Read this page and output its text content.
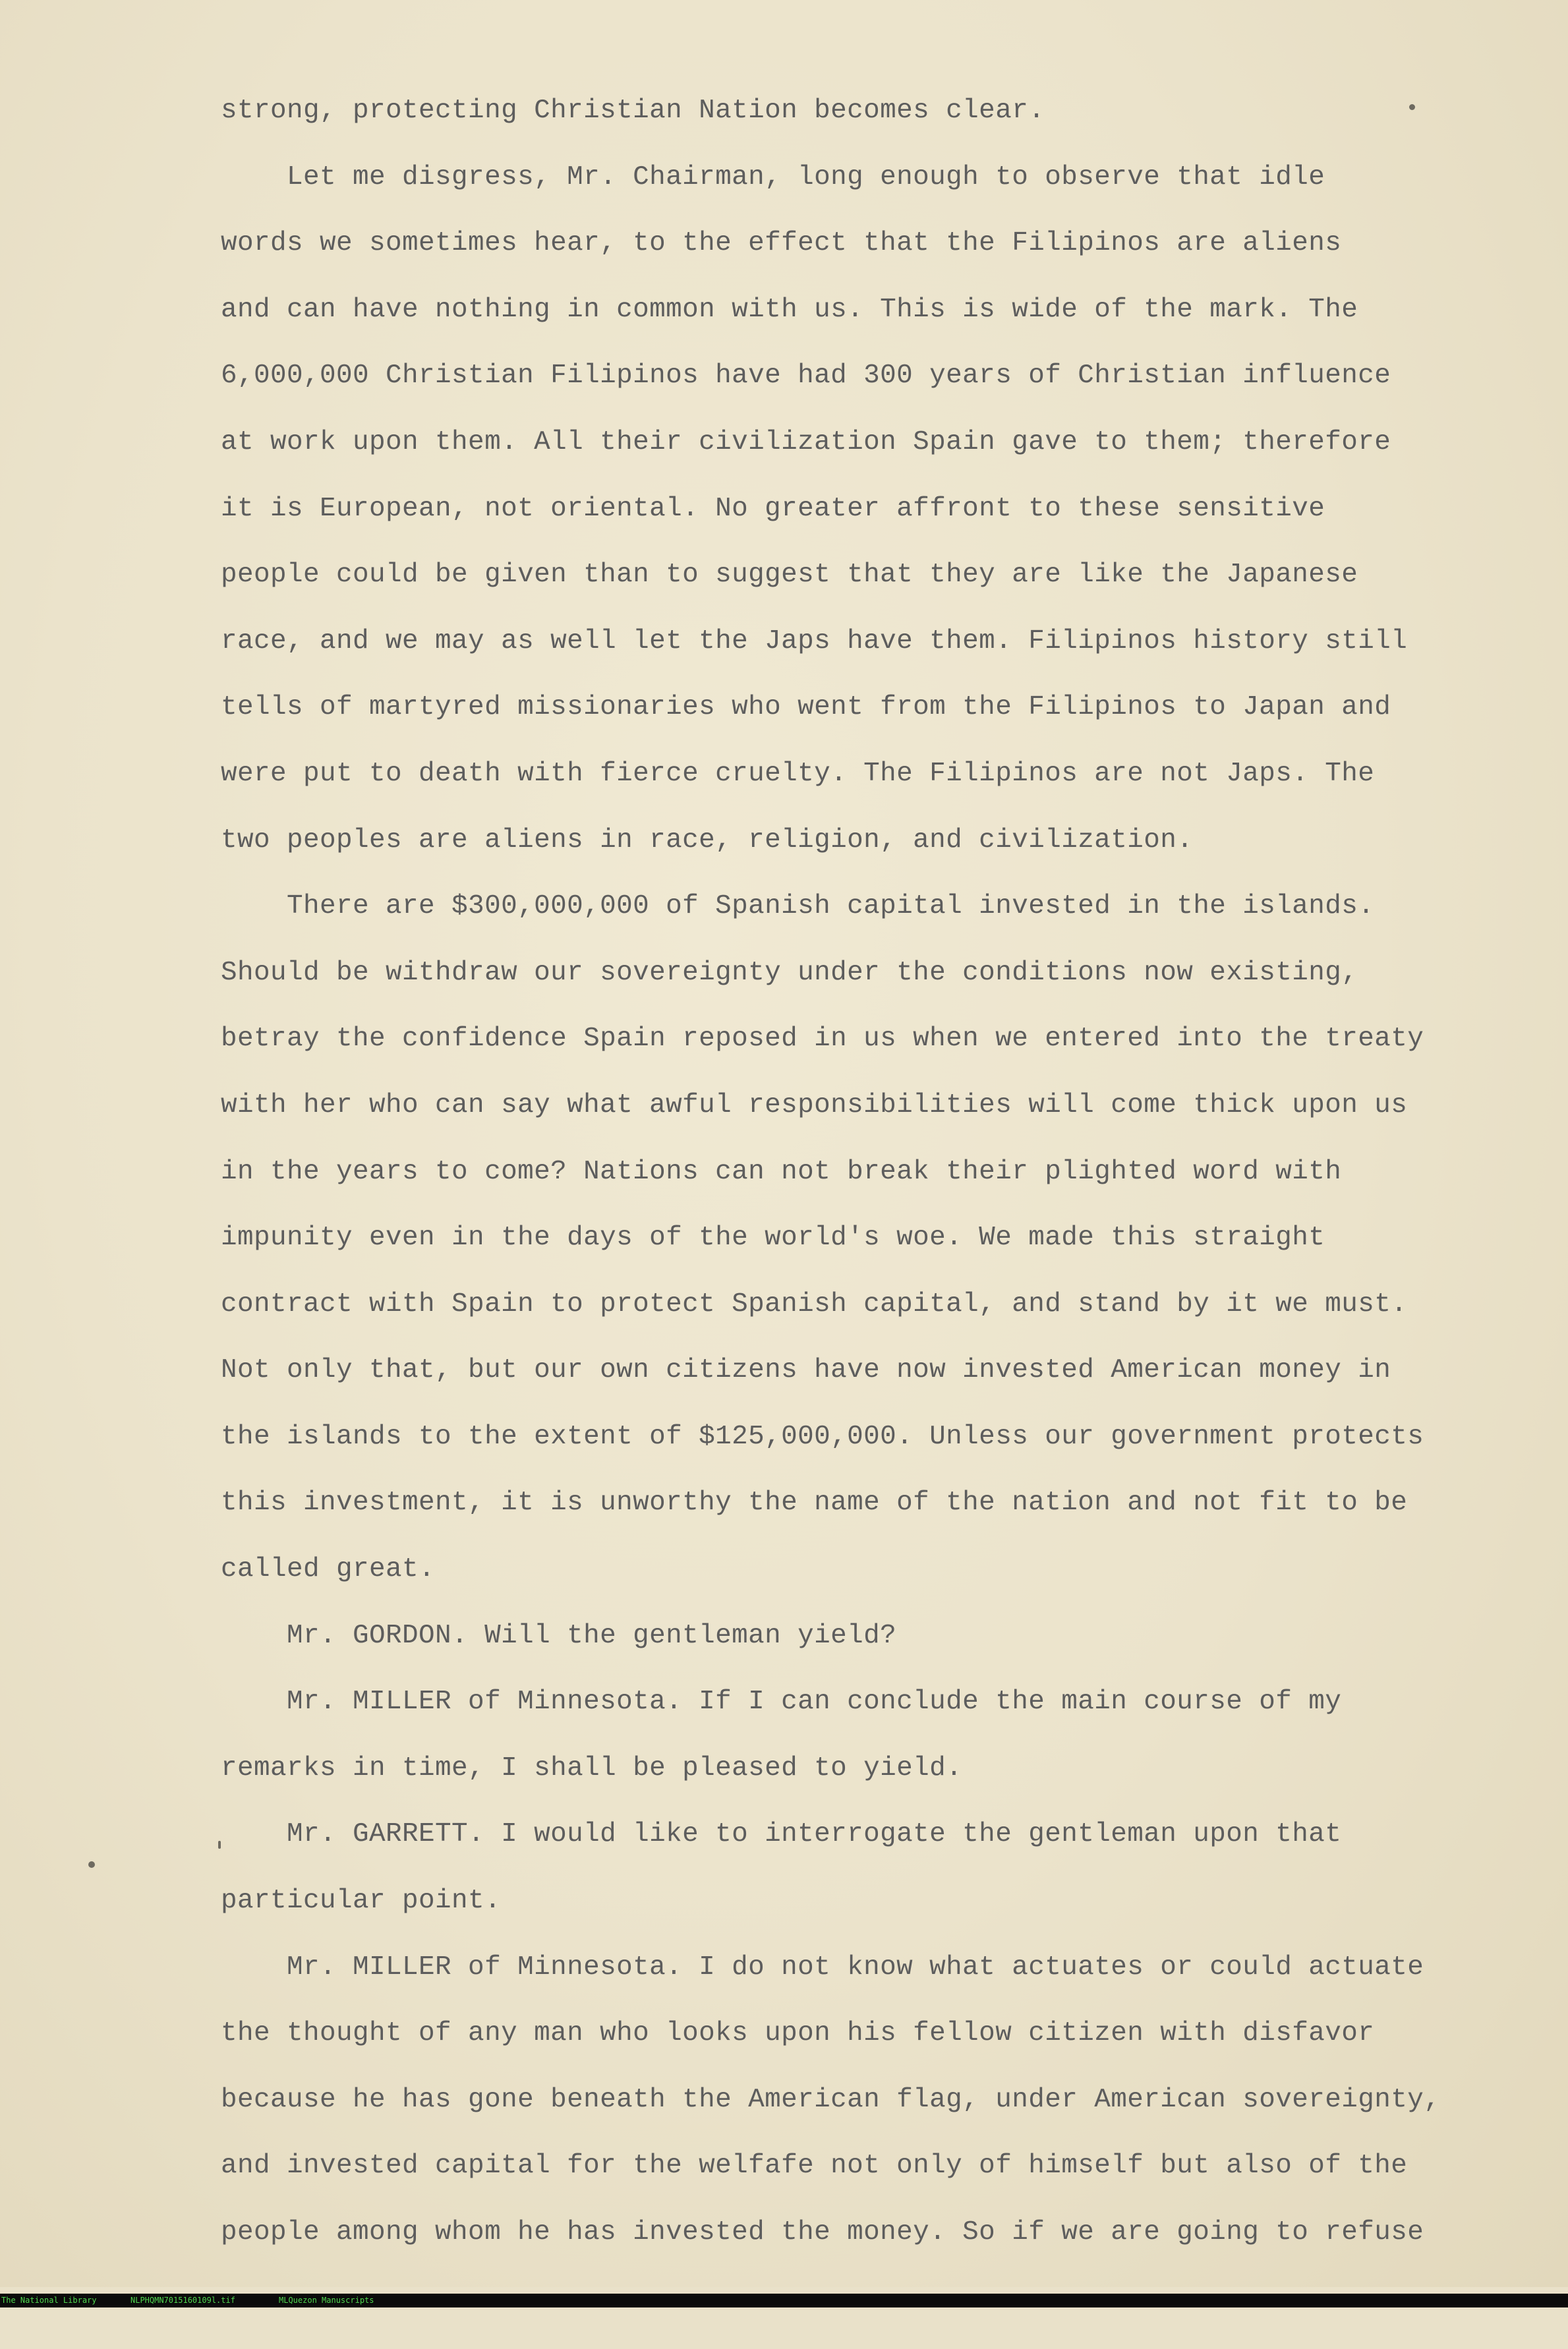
strong, protecting Christian Nation becomes clear.
Let me disgress, Mr. Chairman, long enough to observe that idle
words we sometimes hear, to the effect that the Filipinos are aliens
and can have nothing in common with us. This is wide of the mark. The
6,000,000 Christian Filipinos have had 300 years of Christian influence
at work upon them. All their civilization Spain gave to them; therefore
it is European, not oriental. No greater affront to these sensitive
people could be given than to suggest that they are like the Japanese
race, and we may as well let the Japs have them. Filipinos history still
tells of martyred missionaries who went from the Filipinos to Japan and
were put to death with fierce cruelty. The Filipinos are not Japs. The
two peoples are aliens in race, religion, and civilization.
There are $300,000,000 of Spanish capital invested in the islands.
Should be withdraw our sovereignty under the conditions now existing,
betray the confidence Spain reposed in us when we entered into the treaty
with her who can say what awful responsibilities will come thick upon us
in the years to come? Nations can not break their plighted word with
impunity even in the days of the world's woe. We made this straight
contract with Spain to protect Spanish capital, and stand by it we must.
Not only that, but our own citizens have now invested American money in
the islands to the extent of $125,000,000. Unless our government protects
this investment, it is unworthy the name of the nation and not fit to be
called great.
Mr. GORDON. Will the gentleman yield?
Mr. MILLER of Minnesota. If I can conclude the main course of my
remarks in time, I shall be pleased to yield.
Mr. GARRETT. I would like to interrogate the gentleman upon that
particular point.
Mr. MILLER of Minnesota. I do not know what actuates or could actuate
the thought of any man who looks upon his fellow citizen with disfavor
because he has gone beneath the American flag, under American sovereignty,
and invested capital for the welfafe not only of himself but also of the
people among whom he has invested the money. So if we are going to refuse

The National Library

	NLPHQMN7015160109l.tif

	MLQuezon Manuscripts
